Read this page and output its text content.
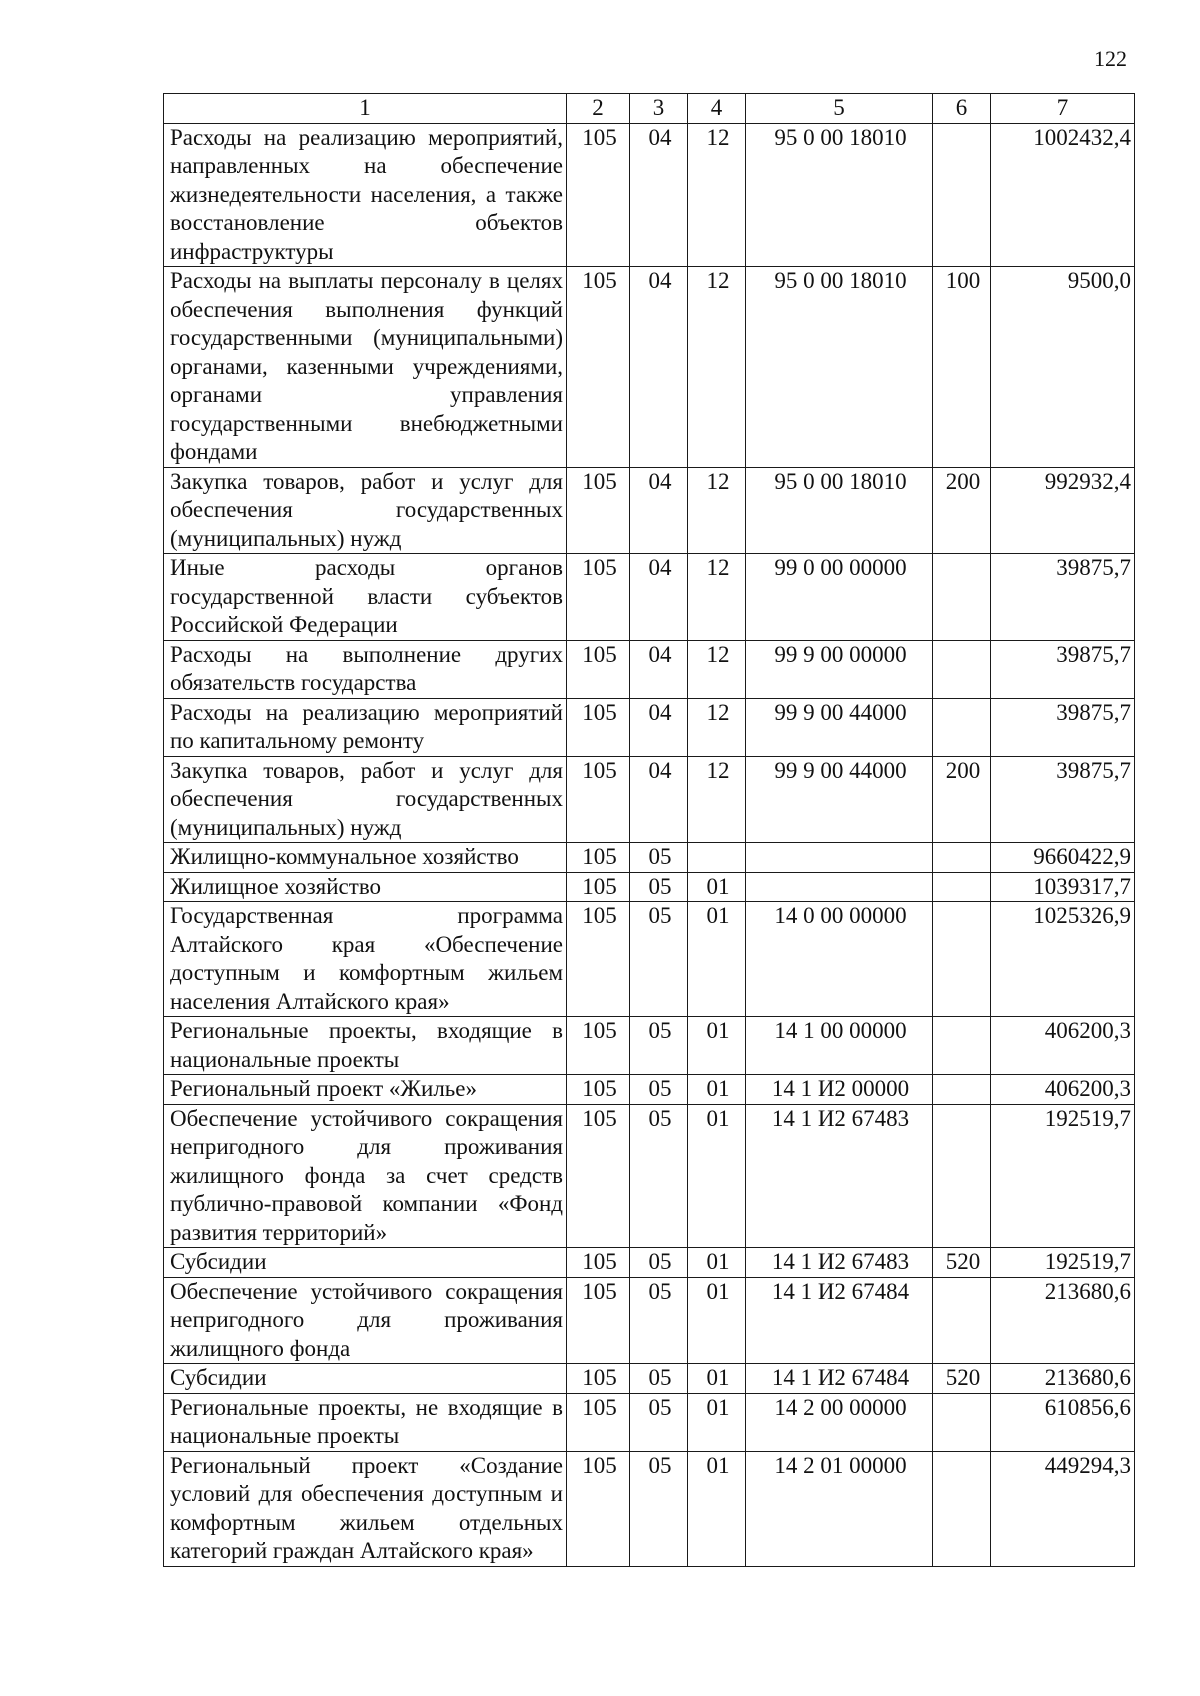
122
1	2	3	4	5	6	7
Расходы на реализацию мероприятий, направленных на обеспечение жизнедеятельности населения, а также восстановление объектов инфраструктуры	105	04	12	95 0 00 18010		1002432,4
Расходы на выплаты персоналу в целях обеспечения выполнения функций государственными (муниципальными) органами, казенными учреждениями, органами управления государственными внебюджетными фондами	105	04	12	95 0 00 18010	100	9500,0
Закупка товаров, работ и услуг для обеспечения государственных (муниципальных) нужд	105	04	12	95 0 00 18010	200	992932,4
Иные расходы органов государственной власти субъектов Российской Федерации	105	04	12	99 0 00 00000		39875,7
Расходы на выполнение других обязательств государства	105	04	12	99 9 00 00000		39875,7
Расходы на реализацию мероприятий по капитальному ремонту	105	04	12	99 9 00 44000		39875,7
Закупка товаров, работ и услуг для обеспечения государственных (муниципальных) нужд	105	04	12	99 9 00 44000	200	39875,7
Жилищно-коммунальное хозяйство	105	05				9660422,9
Жилищное хозяйство	105	05	01			1039317,7
Государственная программа Алтайского края «Обеспечение доступным и комфортным жильем населения Алтайского края»	105	05	01	14 0 00 00000		1025326,9
Региональные проекты, входящие в национальные проекты	105	05	01	14 1 00 00000		406200,3
Региональный проект «Жилье»	105	05	01	14 1 И2 00000		406200,3
Обеспечение устойчивого сокращения непригодного для проживания жилищного фонда за счет средств публично-правовой компании «Фонд развития территорий»	105	05	01	14 1 И2 67483		192519,7
Субсидии	105	05	01	14 1 И2 67483	520	192519,7
Обеспечение устойчивого сокращения непригодного для проживания жилищного фонда	105	05	01	14 1 И2 67484		213680,6
Субсидии	105	05	01	14 1 И2 67484	520	213680,6
Региональные проекты, не входящие в национальные проекты	105	05	01	14 2 00 00000		610856,6
Региональный проект «Создание условий для обеспечения доступным и комфортным жильем отдельных категорий граждан Алтайского края»	105	05	01	14 2 01 00000		449294,3
